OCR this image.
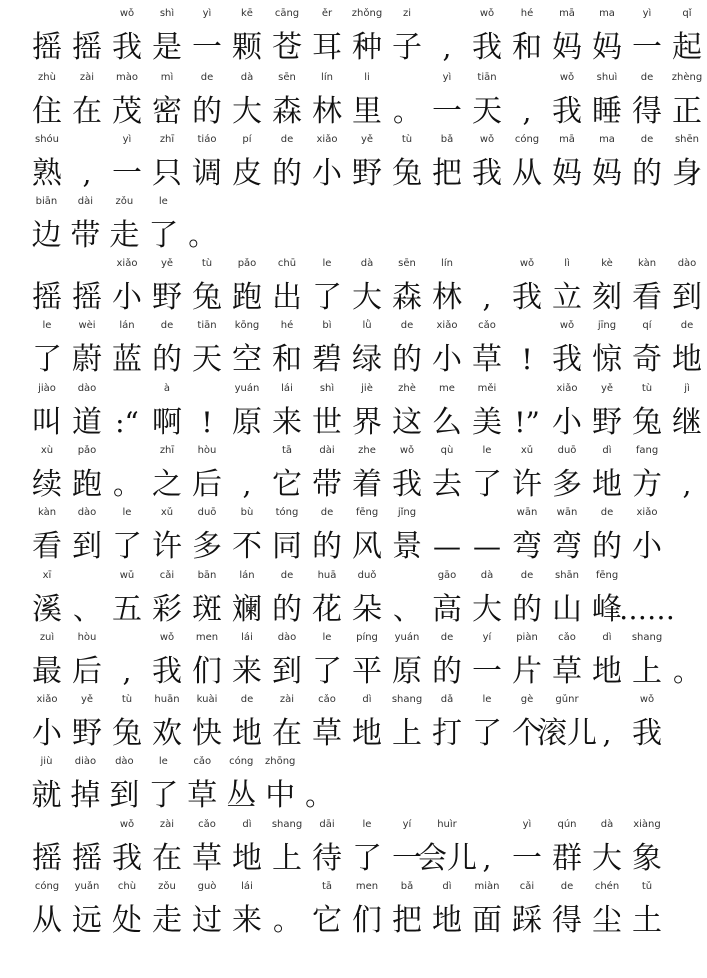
摇 摇
wǒ
我
shì
是
yì
一
kē
颗
cāng
苍
ěr
耳
zhǒng
种
zi
子 ,
wǒ
我
hé
和
mā
妈
ma
妈
yì
一
qǐ
起
zhù
住
zài
在
mào
茂
mì
密
de
的
dà
大
sēn
森
lín
林
li
里 。
yì
一
tiān
天 ,
wǒ
我
shuì
睡
de
得
zhèng
正
shóu
熟 ,
yì
一
zhī
只
tiáo
调
pí
皮
de
的
xiǎo
小
yě
野
tù
兔
bǎ
把
wǒ
我
cóng
从
mā
妈
ma
妈
de
的
shēn
身
biān
边
dài
带
zǒu
走
le
了 。
摇 摇
xiǎo
小
yě
野
tù
兔
pǎo
跑
chū
出
le
了
dà
大
sēn
森
lín
林 ,
wǒ
我
lì
立
kè
刻
kàn
看
dào
到
le
了
wèi
蔚
lán
蓝
de
的
tiān
天
kōng
空
hé
和
bì
碧
lǜ
绿
de
的
xiǎo
小
cǎo
草 !
wǒ
我
jīng
惊
qí
奇
de
地
jiào
叫
dào
道 :“
à
啊 !
yuán
原
lái
来
shì
世
jiè
界
zhè
这
me
么
měi
美 !”
xiǎo
小
yě
野
tù
兔
jì
继
xù
续
pǎo
跑 。
zhī
之
hòu
后 ,
tā
它
dài
带
zhe
着
wǒ
我
qù
去
le
了
xǔ
许
duō
多
dì
地
fang
方 ,
kàn
看
dào
到
le
了
xǔ
许
duō
多
bù
不
tóng
同
de
的
fēng
风
jǐng
景 — —
wān
弯
wān
弯
de
的
xiǎo
小
xī
溪 、
wǔ
五
cǎi
彩
bān
斑
lán
斓
de
的
huā
花
duǒ
朵 、
gāo
高
dà
大
de
的
shān
山
fēng
峰
……
zuì
最
hòu
后 ,
wǒ
我
men
们
lái
来
dào
到
le
了
píng
平
yuán
原
de
的
yí
一
piàn
片
cǎo
草
dì
地
shang
上 。
xiǎo
小
yě
野
tù
兔
huān
欢
kuài
快
de
地
zài
在
cǎo
草
dì
地
shang
上
dǎ
打
le
了
gè
个
gǔnr
滚儿 ,
wǒ
我
jiù
就
diào
掉
dào
到
le
了
cǎo
草
cóng
丛
zhōng
中 。
摇 摇
wǒ
我
zài
在
cǎo
草
dì
地
shang
上
dāi
待
le
了
yí
一
huìr
会儿 ,
yì
一
qún
群
dà
大
xiàng
象
cóng
从
yuǎn
远
chù
处
zǒu
走
guò
过
lái
来 。
tā
它
men
们
bǎ
把
dì
地
miàn
面
cǎi
踩
de
得
chén
尘
tǔ
土
